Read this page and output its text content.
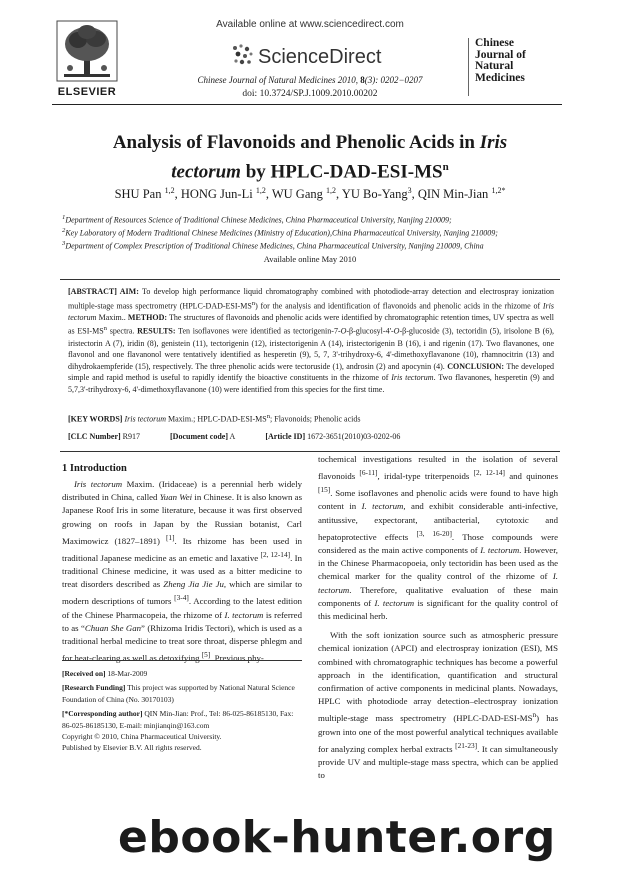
ELSEVIER
Available online at www.sciencedirect.com
ScienceDirect
Chinese Journal of Natural Medicines 2010, 8(3): 0202−0207
doi: 10.3724/SP.J.1009.2010.00202
Chinese
Journal of
Natural
Medicines
Analysis of Flavonoids and Phenolic Acids in Iris
tectorum by HPLC-$DAD-ESI-MS^n$
SHU Pan $^{1,2}$, HONG Jun-Li $^{1,2}$, WU Gang $^{1,2}$, YU Bo-Yang$^3$, QIN Min-Jian $^{1,2*}$
$^1$Department of Resources Science of Traditional Chinese Medicines, China Pharmaceutical University, Nanjing 210009;
$^2$Key Laboratory of Modern Traditional Chinese Medicines (Ministry of Education),China Pharmaceutical University, Nanjing 210009;
$^3$Department of Complex Prescription of Traditional Chinese Medicines, China Pharmaceutical University, Nanjing 210009, China
Available online May 2010
[ABSTRACT] AIM: To develop high performance liquid chromatography combined with photodiode-array detection and electrospray ionization multiple-stage mass spectrometry $(HPLC-DAD-ESI-MS^n)$ for the analysis and identification of flavonoids and phenolic acids in the rhizome of Iris tectorum Maxim.. METHOD: The structures of flavonoids and phenolic acids were identified by chromatographic retention times, UV spectra as well as ESI-$MS^n$ spectra. RESULTS: Ten isoflavones were identified as tectorigenin-7-O-β-glucosyl-4'-O-β-glucoside (3), tectoridin (5), irisolone B (6), iristectorin A (7), iridin (8), genistein (11), tectorigenin (12), iristectorigenin A (14), iristectorigenin B (16), i and rigenin (17). Two flavanones, one flavonol and one flavanonol were tentatively identified as hesperetin (9), 5, 7, 3'-trihydroxy-6, 4'-dimethoxyflavanone (10), rhamnocitrin (13) and dihydrokaempferide (15), respectively. The three phenolic acids were tectoruside (1), androsin (2) and apocynin (4). CONCLUSION: The developed simple and rapid method is useful to rapidly identify the bioactive constituents in the rhizome of Iris tectorum. Two flavanones, hesperetin (9) and 5,7,3'-trihydroxy-6, 4'-dimethoxyflavanone (10) were identified from this species for the first time.
[KEY WORDS] Iris tectorum Maxim.; HPLC-$DAD-ESI-MS^n$; Flavonoids; Phenolic acids
[CLC Number] R917	[Document code] A	[Article ID] 1672-3651(2010)03-0202-06
1 Introduction

Iris tectorum Maxim. (Iridaceae) is a perennial herb widely distributed in China, called Yuan Wei in Chinese. It is also known as Japanese Roof Iris in some literature, because it was first observed growing on roofs in Japan by the Russian botanist, Carl Maximowicz (1827–1891) [1]. Its rhizome has been used in traditional Japanese medicine as an emetic and laxative [2, 12-14]. In traditional Chinese medicine, it was used as a bitter medicine to treat disorders described as Zheng Jia Jie Ju, which are similar to modern descriptions of tumors [3-4]. According to the latest edition of the Chinese Pharmacopeia, the rhizome of I. tectorum is referred to as “Chuan She Gan” (Rhizoma Iridis Tectori), which is used as a traditional herbal medicine to treat sore throat, disperse phlegm and for heat-clearing as well as detoxifying [5]. Previous phy-

[Received on] 18-Mar-2009

[Research Funding] This project was supported by National Natural Science Foundation of China (No. 30170103)

[*Corresponding author] QIN Min-Jian: Prof., Tel: 86-025-86185130, Fax: 86-025-86185130, E-mail: minjianqin@163.com

Copyright © 2010, China Pharmaceutical University.

Published by Elsevier B.V. All rights reserved.

tochemical investigations resulted in the isolation of several flavonoids [6-11], iridal-type triterpenoids [2, 12-14] and quinones [15]. Some isoflavones and phenolic acids were found to have high content in I. tectorum, and exhibit considerable anti-infective, antitussive, expectorant, antibacterial, cytotoxic and hepatoprotective effects [3, 16-20]. Those compounds were considered as the main active components of I. tectorum. However, in the Chinese Pharmacopoeia, only tectoridin has been used as the chemical marker for the quality control of the rhizome of I. tectorum. Therefore, qualitative evaluation of these main components of I. tectorum is significant for the quality control of this medicinal herb.

With the soft ionization source such as atmospheric pressure chemical ionization (APCI) and electrospray ionization (ESI), MS combined with chromatographic techniques has become a powerful approach in the identification, quantification and structural confirmation of active components in medicinal plants. Nowadays, HPLC with photodiode array detection–electrospray ionization multiple-stage mass spectrometry $(HPLC-DAD-ESI-MS^n)$ has grown into one of the most powerful analytical techniques available for analyzing complex herbal extracts [21-23]. It can simultaneously provide UV and multiple-stage mass spectra, which can be applied to

ebook-hunter.org
